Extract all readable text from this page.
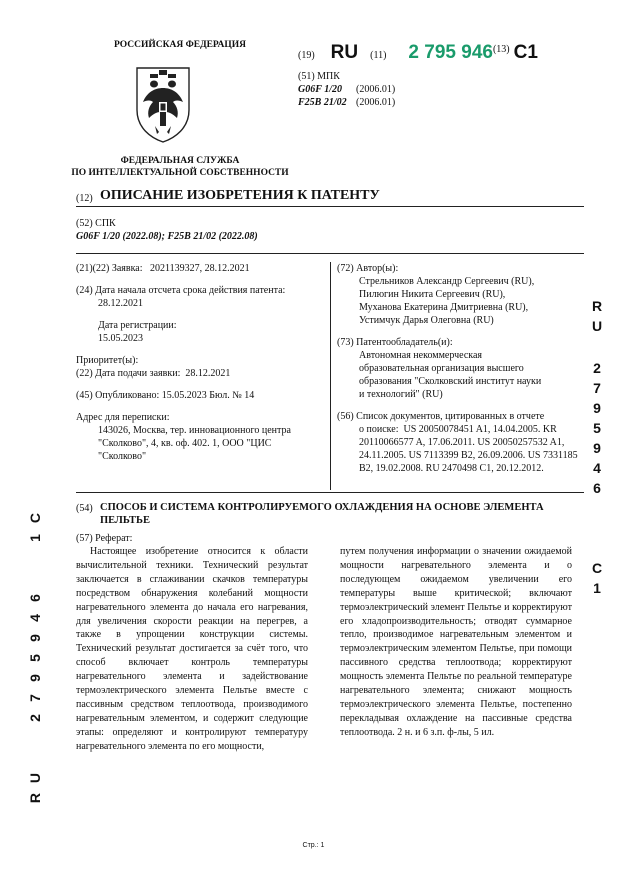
РОССИЙСКАЯ ФЕДЕРАЦИЯ
ФЕДЕРАЛЬНАЯ СЛУЖБА
ПО ИНТЕЛЛЕКТУАЛЬНОЙ СОБСТВЕННОСТИ
(19) RU (11) 2 795 946(13) C1
(51) МПК
G06F 1/20 (2006.01)
F25B 21/02 (2006.01)
(12) ОПИСАНИЕ ИЗОБРЕТЕНИЯ К ПАТЕНТУ
(52) СПК
G06F 1/20 (2022.08); F25B 21/02 (2022.08)
(21)(22) Заявка: 2021139327, 28.12.2021
(24) Дата начала отсчета срока действия патента:
28.12.2021
Дата регистрации:
15.05.2023
Приоритет(ы):
(22) Дата подачи заявки: 28.12.2021
(45) Опубликовано: 15.05.2023 Бюл. № 14
Адрес для переписки:
143026, Москва, тер. инновационного центра
"Сколково", 4, кв. оф. 402. 1, ООО "ЦИС
"Сколково"
(72) Автор(ы):
Стрельников Александр Сергеевич (RU),
Пилюгин Никита Сергеевич (RU),
Муханова Екатерина Дмитриевна (RU),
Устимчук Дарья Олеговна (RU)
(73) Патентообладатель(и):
Автономная некоммерческая
образовательная организация высшего
образования "Сколковский институт науки
и технологий" (RU)
(56) Список документов, цитированных в отчете
о поиске: US 20050078451 A1, 14.04.2005. KR
20110066577 A, 17.06.2011. US 20050257532 A1,
24.11.2005. US 7113399 B2, 26.09.2006. US 7331185
B2, 19.02.2008. RU 2470498 C1, 20.12.2012.
(54) СПОСОБ И СИСТЕМА КОНТРОЛИРУЕМОГО ОХЛАЖДЕНИЯ НА ОСНОВЕ ЭЛЕМЕНТА
ПЕЛЬТЬЕ
(57) Реферат:
Настоящее изобретение относится к области вычислительной техники. Технический результат заключается в сглаживании скачков температуры посредством обнаружения колебаний мощности нагревательного элемента до начала его нагревания, для увеличения скорости реакции на перегрев, а также в упрощении конструкции системы. Технический результат достигается за счёт того, что способ включает контроль температуры нагревательного элемента и задействование термоэлектрического элемента Пельтье вместе с пассивным средством теплоотвода, производимого нагревательным элементом, и содержит следующие этапы: определяют и контролируют температуру нагревательного элемента по его мощности,
путем получения информации о значении ожидаемой мощности нагревательного элемента и о последующем ожидаемом увеличении его температуры выше критической; включают термоэлектрический элемент Пельтье и корректируют его хладопроизводительность; отводят суммарное тепло, производимое нагревательным элементом и термоэлектрическим элементом Пельтье, при помощи пассивного средства теплоотвода; корректируют мощность элемента Пельтье по реальной температуре нагревательного элемента; снижают мощность термоэлектрического элемента Пельтье, постепенно перекладывая охлаждение на пассивные средства теплоотвода. 2 н. и 6 з.п. ф-лы, 5 ил.
R
U
2
7
9
5
9
4
6
C
1
C
1
6
4
9
5
9
7
2
U
R
Стр.: 1
